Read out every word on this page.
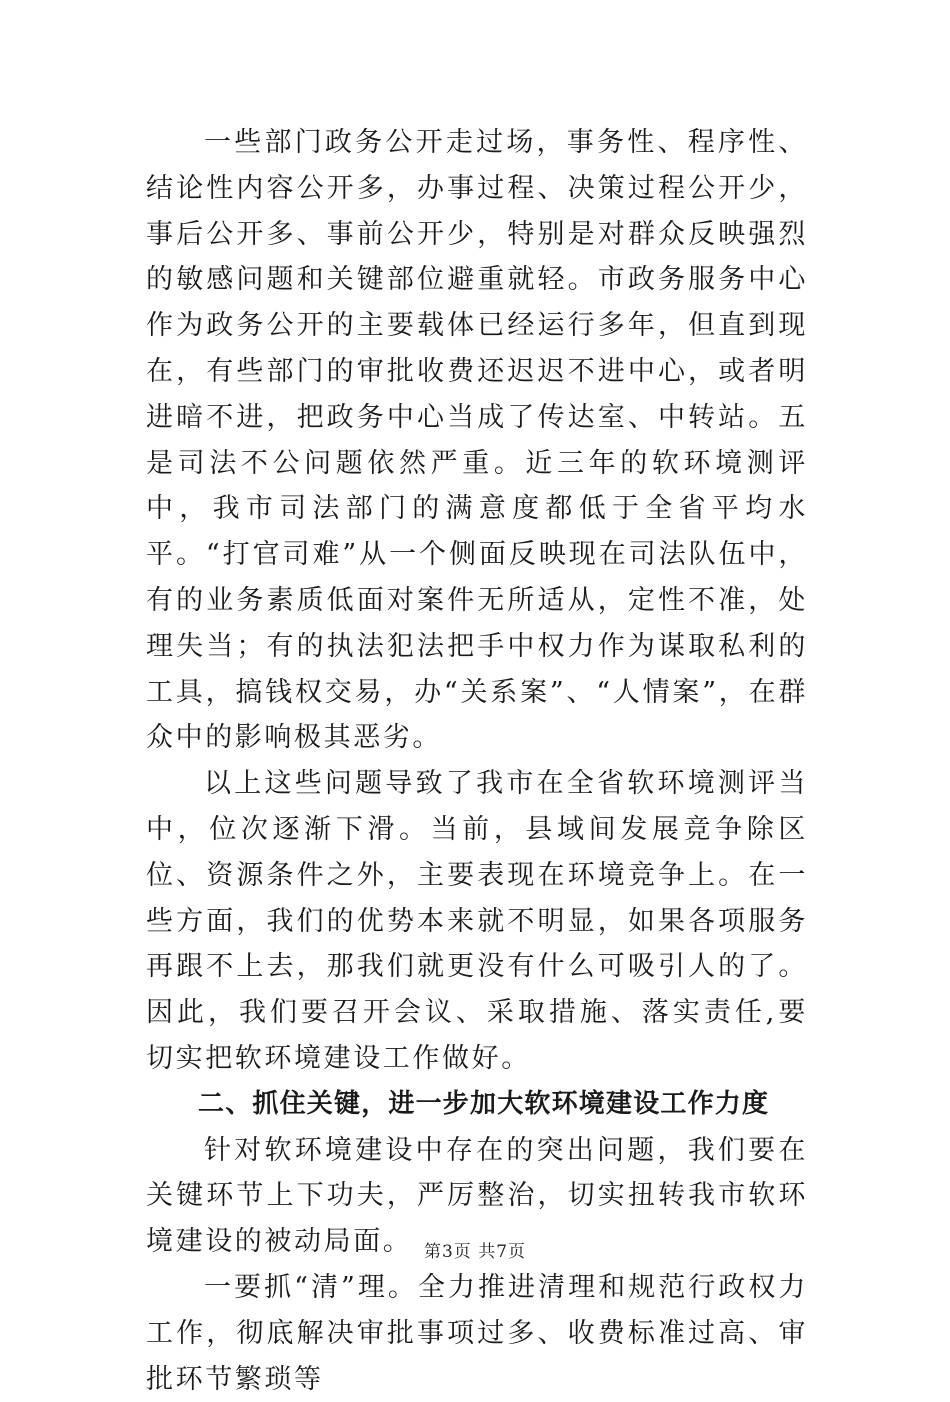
一些部门政务公开走过场，事务性、程序性、结论性内容公开多，办事过程、决策过程公开少，事后公开多、事前公开少，特别是对群众反映强烈的敏感问题和关键部位避重就轻。市政务服务中心作为政务公开的主要载体已经运行多年，但直到现在，有些部门的审批收费还迟迟不进中心，或者明进暗不进，把政务中心当成了传达室、中转站。五是司法不公问题依然严重。近三年的软环境测评中，我市司法部门的满意度都低于全省平均水平。“打官司难”从一个侧面反映现在司法队伍中，有的业务素质低面对案件无所适从，定性不准，处理失当；有的执法犯法把手中权力作为谋取私利的工具，搞钱权交易，办“关系案”、“人情案”，在群众中的影响极其恶劣。

以上这些问题导致了我市在全省软环境测评当中，位次逐渐下滑。当前，县域间发展竞争除区位、资源条件之外，主要表现在环境竞争上。在一些方面，我们的优势本来就不明显，如果各项服务再跟不上去，那我们就更没有什么可吸引人的了。因此，我们要召开会议、采取措施、落实责任,要切实把软环境建设工作做好。

二、抓住关键，进一步加大软环境建设工作力度

针对软环境建设中存在的突出问题，我们要在关键环节上下功夫，严厉整治，切实扭转我市软环境建设的被动局面。

一要抓“清”理。全力推进清理和规范行政权力工作，彻底解决审批事项过多、收费标准过高、审批环节繁琐等

第3页 共7页
